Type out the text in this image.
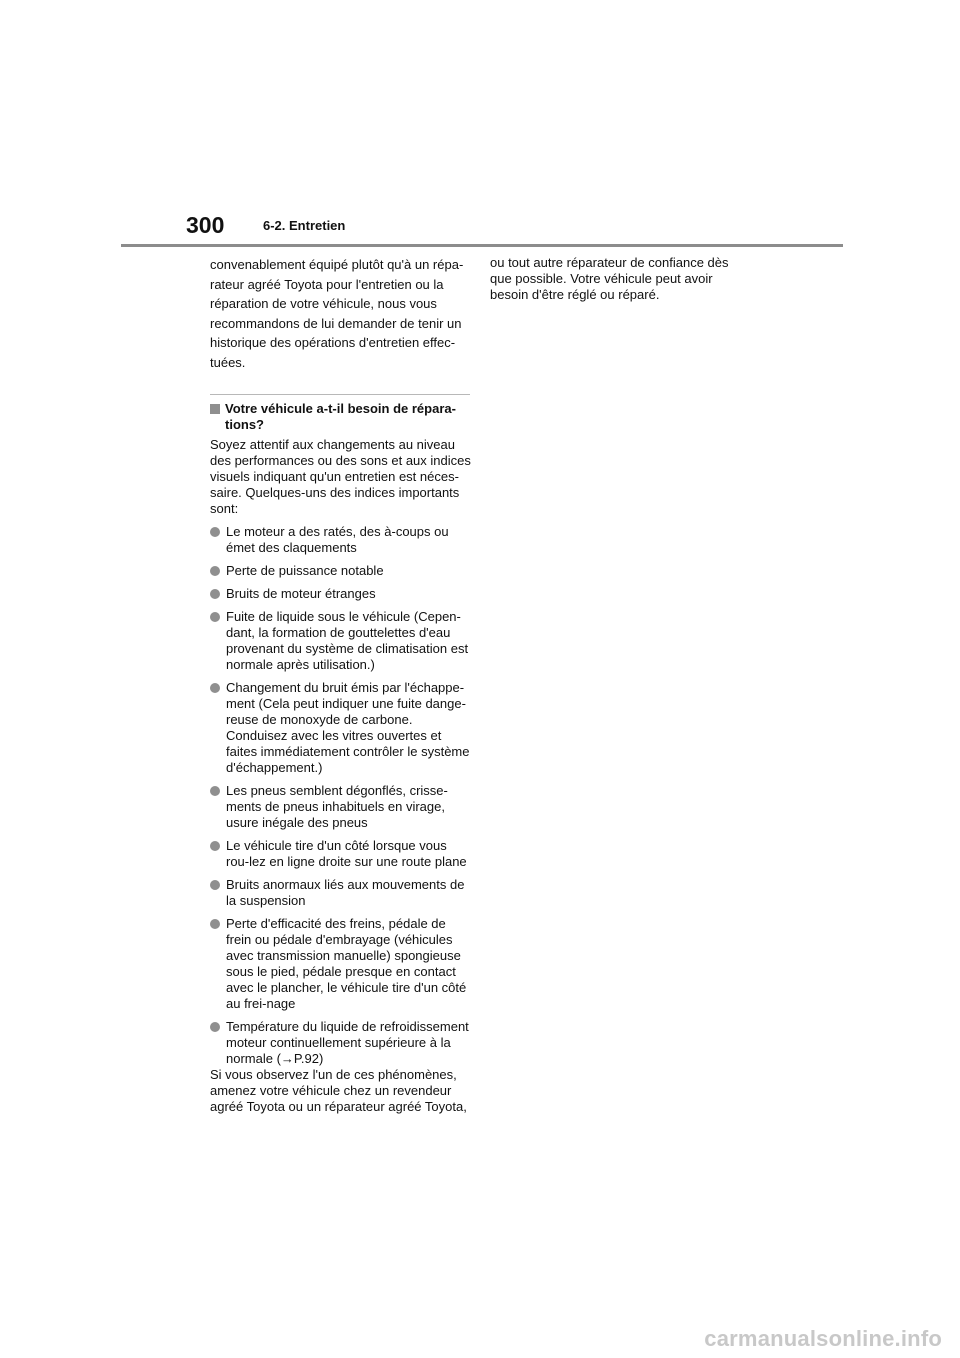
300	6-2. Entretien

convenablement équipé plutôt qu'à un répa-

rateur agréé Toyota pour l'entretien ou la

réparation de votre véhicule, nous vous

recommandons de lui demander de tenir un

historique des opérations d'entretien effec-

tuées.

Votre véhicule a-t-il besoin de répara-tions?

Soyez attentif aux changements au niveau des performances ou des sons et aux indices visuels indiquant qu'un entretien est néces-saire. Quelques-uns des indices importants sont:

Le moteur a des ratés, des à-coups ou émet des claquements
Perte de puissance notable
Bruits de moteur étranges
Fuite de liquide sous le véhicule (Cepen-dant, la formation de gouttelettes d'eau provenant du système de climatisation est normale après utilisation.)
Changement du bruit émis par l'échappe-ment (Cela peut indiquer une fuite dange-reuse de monoxyde de carbone. Conduisez avec les vitres ouvertes et faites immédiatement contrôler le système d'échappement.)
Les pneus semblent dégonflés, crisse-ments de pneus inhabituels en virage, usure inégale des pneus
Le véhicule tire d'un côté lorsque vous rou-lez en ligne droite sur une route plane
Bruits anormaux liés aux mouvements de la suspension
Perte d'efficacité des freins, pédale de frein ou pédale d'embrayage (véhicules avec transmission manuelle) spongieuse sous le pied, pédale presque en contact avec le plancher, le véhicule tire d'un côté au frei-nage
Température du liquide de refroidissement moteur continuellement supérieure à la normale (→P.92)

Si vous observez l'un de ces phénomènes, amenez votre véhicule chez un revendeur agréé Toyota ou un réparateur agréé Toyota,

ou tout autre réparateur de confiance dès que possible. Votre véhicule peut avoir besoin d'être réglé ou réparé.

carmanualsonline.info
